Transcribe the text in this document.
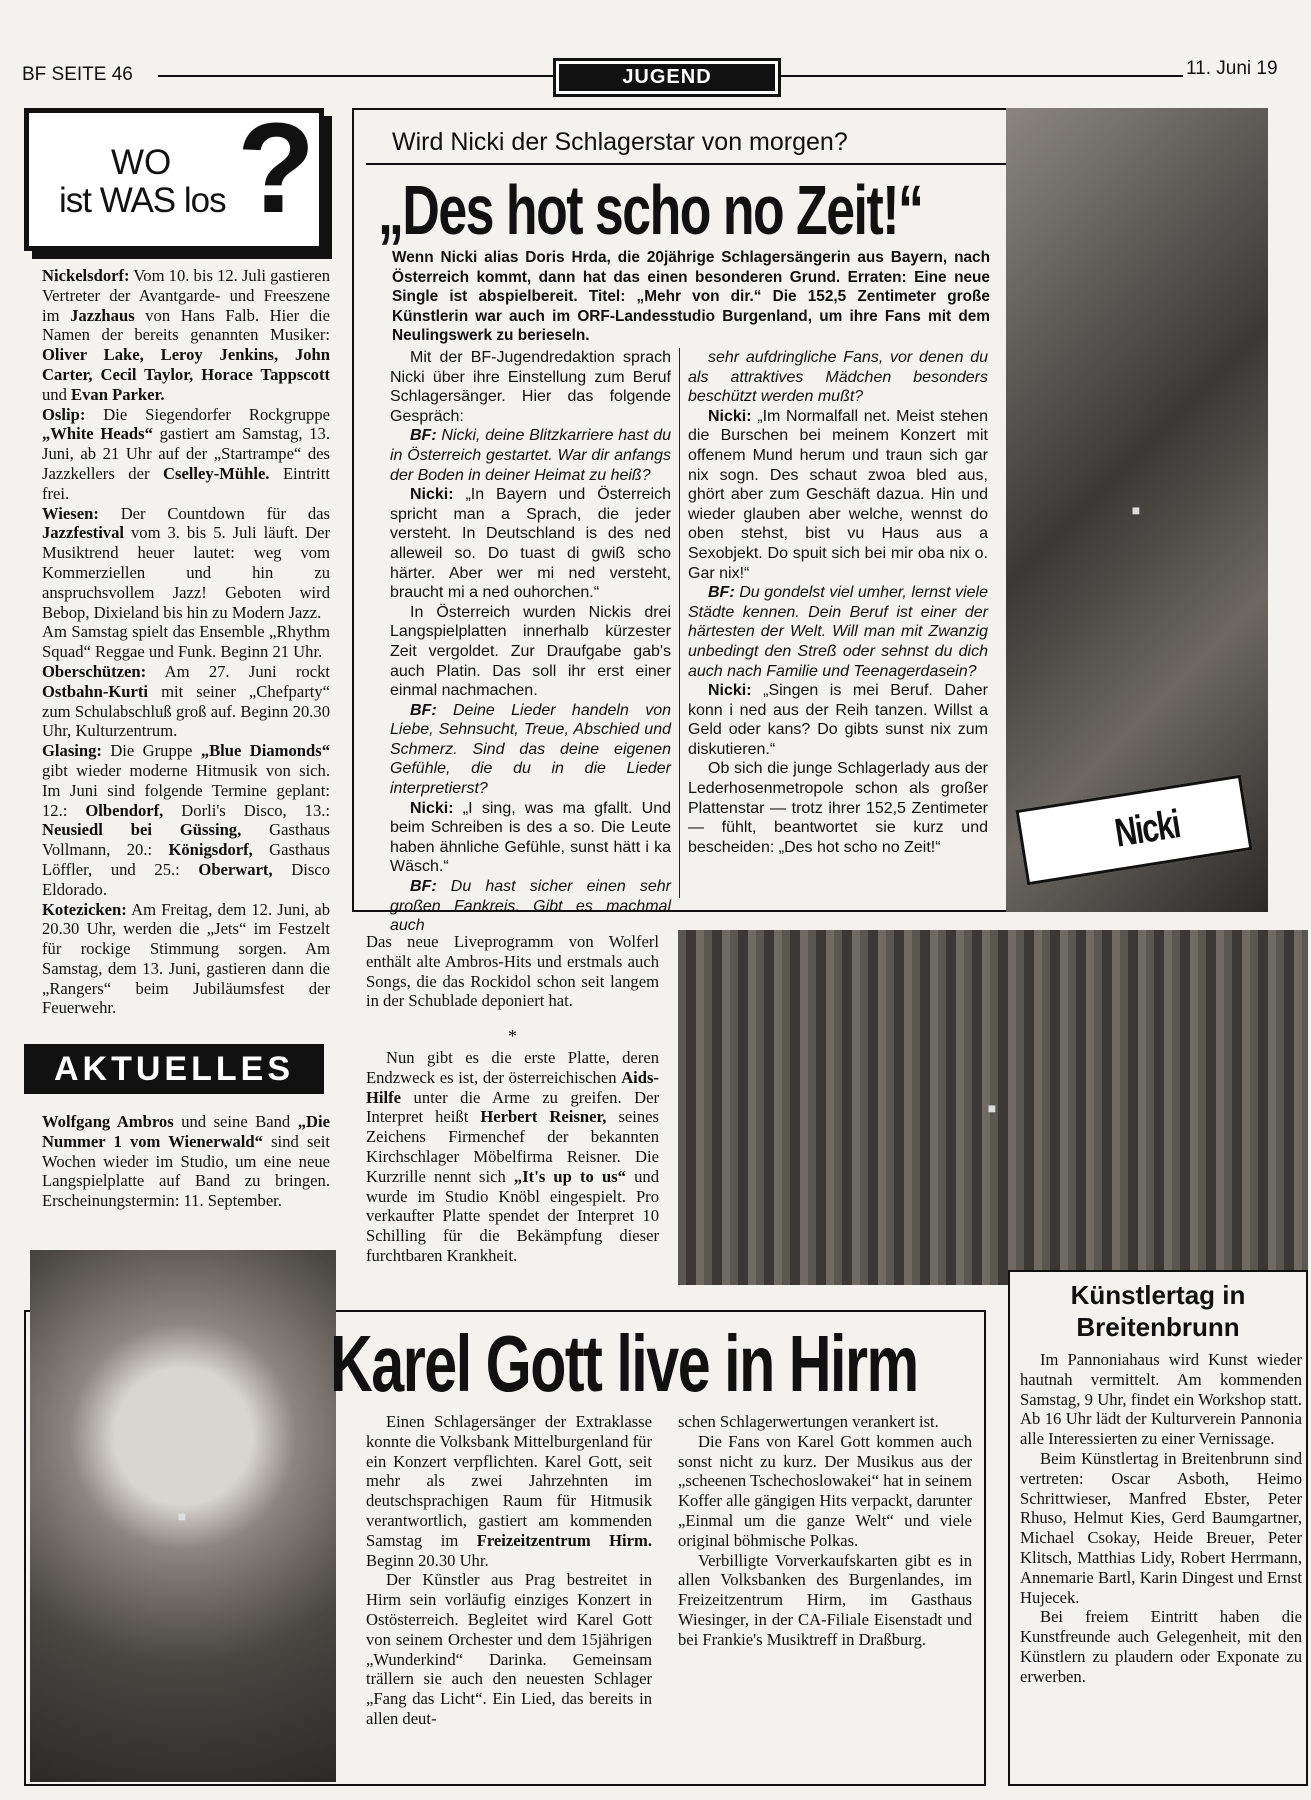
BF SEITE 46	JUGEND	11. Juni 19
WO
ist WAS los ?

Nickelsdorf: Vom 10. bis 12. Juli gastieren Vertreter der Avantgarde- und Freeszene im Jazzhaus von Hans Falb. Hier die Namen der bereits genannten Musiker: Oliver Lake, Leroy Jenkins, John Carter, Cecil Taylor, Horace Tappscott und Evan Parker.

Oslip: Die Siegendorfer Rockgruppe „White Heads“ gastiert am Samstag, 13. Juni, ab 21 Uhr auf der „Startrampe“ des Jazzkellers der Cselley-Mühle. Eintritt frei.

Wiesen: Der Countdown für das Jazzfestival vom 3. bis 5. Juli läuft. Der Musiktrend heuer lautet: weg vom Kommerziellen und hin zu anspruchsvollem Jazz! Geboten wird Bebop, Dixieland bis hin zu Modern Jazz.

Am Samstag spielt das Ensemble „Rhythm Squad“ Reggae und Funk. Beginn 21 Uhr.

Oberschützen: Am 27. Juni rockt Ostbahn-Kurti mit seiner „Chefparty“ zum Schulabschluß groß auf. Beginn 20.30 Uhr, Kulturzentrum.

Glasing: Die Gruppe „Blue Diamonds“ gibt wieder moderne Hitmusik von sich. Im Juni sind folgende Termine geplant: 12.: Olbendorf, Dorli's Disco, 13.: Neusiedl bei Güssing, Gasthaus Vollmann, 20.: Königsdorf, Gasthaus Löffler, und 25.: Oberwart, Disco Eldorado.

Kotezicken: Am Freitag, dem 12. Juni, ab 20.30 Uhr, werden die „Jets“ im Festzelt für rockige Stimmung sorgen. Am Samstag, dem 13. Juni, gastieren dann die „Rangers“ beim Jubiläumsfest der Feuerwehr.

AKTUELLES

Wolfgang Ambros und seine Band „Die Nummer 1 vom Wienerwald“ sind seit Wochen wieder im Studio, um eine neue Langspielplatte auf Band zu bringen. Erscheinungstermin: 11. September.

Wird Nicki der Schlagerstar von morgen?
„Des hot scho no Zeit!“
■
Nicki
Wenn Nicki alias Doris Hrda, die 20jährige Schlagersängerin aus Bayern, nach Österreich kommt, dann hat das einen besonderen Grund. Erraten: Eine neue Single ist abspielbereit. Titel: „Mehr von dir.“ Die 152,5 Zentimeter große Künstlerin war auch im ORF-Landesstudio Burgenland, um ihre Fans mit dem Neulingswerk zu berieseln.

Mit der BF-Jugendredaktion sprach Nicki über ihre Einstellung zum Beruf Schlagersänger. Hier das folgende Gespräch:

BF: Nicki, deine Blitzkarriere hast du in Österreich gestartet. War dir anfangs der Boden in deiner Heimat zu heiß?

Nicki: „In Bayern und Österreich spricht man a Sprach, die jeder versteht. In Deutschland is des ned alleweil so. Do tuast di gwiß scho härter. Aber wer mi ned versteht, braucht mi a ned ouhorchen.“

In Österreich wurden Nickis drei Langspielplatten innerhalb kürzester Zeit vergoldet. Zur Draufgabe gab's auch Platin. Das soll ihr erst einer einmal nachmachen.

BF: Deine Lieder handeln von Liebe, Sehnsucht, Treue, Abschied und Schmerz. Sind das deine eigenen Gefühle, die du in die Lieder interpretierst?

Nicki: „I sing, was ma gfallt. Und beim Schreiben is des a so. Die Leute haben ähnliche Gefühle, sunst hätt i ka Wäsch.“

BF: Du hast sicher einen sehr großen Fankreis. Gibt es machmal auch

sehr aufdringliche Fans, vor denen du als attraktives Mädchen besonders beschützt werden mußt?

Nicki: „Im Normalfall net. Meist stehen die Burschen bei meinem Konzert mit offenem Mund herum und traun sich gar nix sogn. Des schaut zwoa bled aus, ghört aber zum Geschäft dazua. Hin und wieder glauben aber welche, wennst do oben stehst, bist vu Haus aus a Sexobjekt. Do spuit sich bei mir oba nix o. Gar nix!“

BF: Du gondelst viel umher, lernst viele Städte kennen. Dein Beruf ist einer der härtesten der Welt. Will man mit Zwanzig unbedingt den Streß oder sehnst du dich auch nach Familie und Teenagerdasein?

Nicki: „Singen is mei Beruf. Daher konn i ned aus der Reih tanzen. Willst a Geld oder kans? Do gibts sunst nix zum diskutieren.“

Ob sich die junge Schlagerlady aus der Lederhosenmetropole schon als großer Plattenstar — trotz ihrer 152,5 Zentimeter — fühlt, beantwortet sie kurz und bescheiden: „Des hot scho no Zeit!“

Das neue Liveprogramm von Wolferl enthält alte Ambros-Hits und erstmals auch Songs, die das Rockidol schon seit langem in der Schublade deponiert hat.
*

Nun gibt es die erste Platte, deren Endzweck es ist, der österreichischen Aids-Hilfe unter die Arme zu greifen. Der Interpret heißt Herbert Reisner, seines Zeichens Firmenchef der bekannten Kirchschlager Möbelfirma Reisner. Die Kurzrille nennt sich „It's up to us“ und wurde im Studio Knöbl eingespielt. Pro verkaufter Platte spendet der Interpret 10 Schilling für die Bekämpfung dieser furchtbaren Krankheit.

■
■
Karel Gott live in Hirm

Einen Schlagersänger der Extraklasse konnte die Volksbank Mittelburgenland für ein Konzert verpflichten. Karel Gott, seit mehr als zwei Jahrzehnten im deutschsprachigen Raum für Hitmusik verantwortlich, gastiert am kommenden Samstag im Freizeitzentrum Hirm. Beginn 20.30 Uhr.

Der Künstler aus Prag bestreitet in Hirm sein vorläufig einziges Konzert in Ostösterreich. Begleitet wird Karel Gott von seinem Orchester und dem 15jährigen „Wunderkind“ Darinka. Gemeinsam trällern sie auch den neuesten Schlager „Fang das Licht“. Ein Lied, das bereits in allen deut-

schen Schlagerwertungen verankert ist.

Die Fans von Karel Gott kommen auch sonst nicht zu kurz. Der Musikus aus der „scheenen Tschechoslowakei“ hat in seinem Koffer alle gängigen Hits verpackt, darunter „Einmal um die ganze Welt“ und viele original böhmische Polkas.

Verbilligte Vorverkaufskarten gibt es in allen Volksbanken des Burgenlandes, im Freizeitzentrum Hirm, im Gasthaus Wiesinger, in der CA-Filiale Eisenstadt und bei Frankie's Musiktreff in Draßburg.

Künstlertag in
Breitenbrunn

Im Pannoniahaus wird Kunst wieder hautnah vermittelt. Am kommenden Samstag, 9 Uhr, findet ein Workshop statt. Ab 16 Uhr lädt der Kulturverein Pannonia alle Interessierten zu einer Vernissage.

Beim Künstlertag in Breitenbrunn sind vertreten: Oscar Asboth, Heimo Schrittwieser, Manfred Ebster, Peter Rhuso, Helmut Kies, Gerd Baumgartner, Michael Csokay, Heide Breuer, Peter Klitsch, Matthias Lidy, Robert Herrmann, Annemarie Bartl, Karin Dingest und Ernst Hujecek.

Bei freiem Eintritt haben die Kunstfreunde auch Gelegenheit, mit den Künstlern zu plaudern oder Exponate zu erwerben.
